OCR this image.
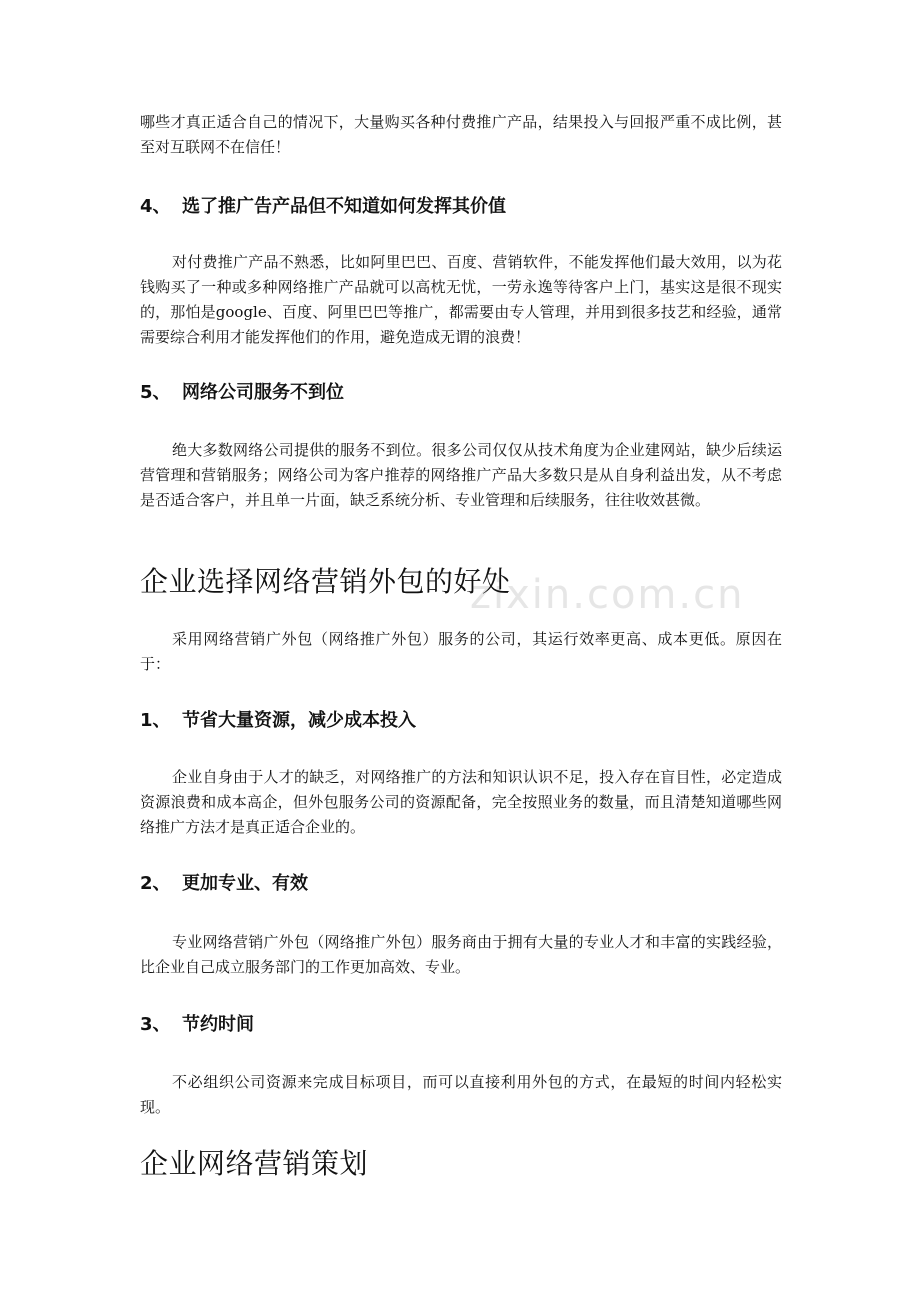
zixin.com.cn

哪些才真正适合自己的情况下，大量购买各种付费推广产品，结果投入与回报严重不成比例，甚至对互联网不在信任！

4、 选了推广告产品但不知道如何发挥其价值

对付费推广产品不熟悉，比如阿里巴巴、百度、营销软件，不能发挥他们最大效用，以为花钱购买了一种或多种网络推广产品就可以高枕无忧，一劳永逸等待客户上门，基实这是很不现实的，那怕是google、百度、阿里巴巴等推广，都需要由专人管理，并用到很多技艺和经验，通常需要综合利用才能发挥他们的作用，避免造成无谓的浪费！

5、 网络公司服务不到位

绝大多数网络公司提供的服务不到位。很多公司仅仅从技术角度为企业建网站，缺少后续运营管理和营销服务；网络公司为客户推荐的网络推广产品大多数只是从自身利益出发，从不考虑是否适合客户，并且单一片面，缺乏系统分析、专业管理和后续服务，往往收效甚微。

企业选择网络营销外包的好处

采用网络营销广外包（网络推广外包）服务的公司，其运行效率更高、成本更低。原因在于：

1、 节省大量资源，减少成本投入

企业自身由于人才的缺乏，对网络推广的方法和知识认识不足，投入存在盲目性，必定造成资源浪费和成本高企，但外包服务公司的资源配备，完全按照业务的数量，而且清楚知道哪些网络推广方法才是真正适合企业的。

2、 更加专业、有效

专业网络营销广外包（网络推广外包）服务商由于拥有大量的专业人才和丰富的实践经验，比企业自己成立服务部门的工作更加高效、专业。

3、 节约时间

不必组织公司资源来完成目标项目，而可以直接利用外包的方式，在最短的时间内轻松实现。

企业网络营销策划
